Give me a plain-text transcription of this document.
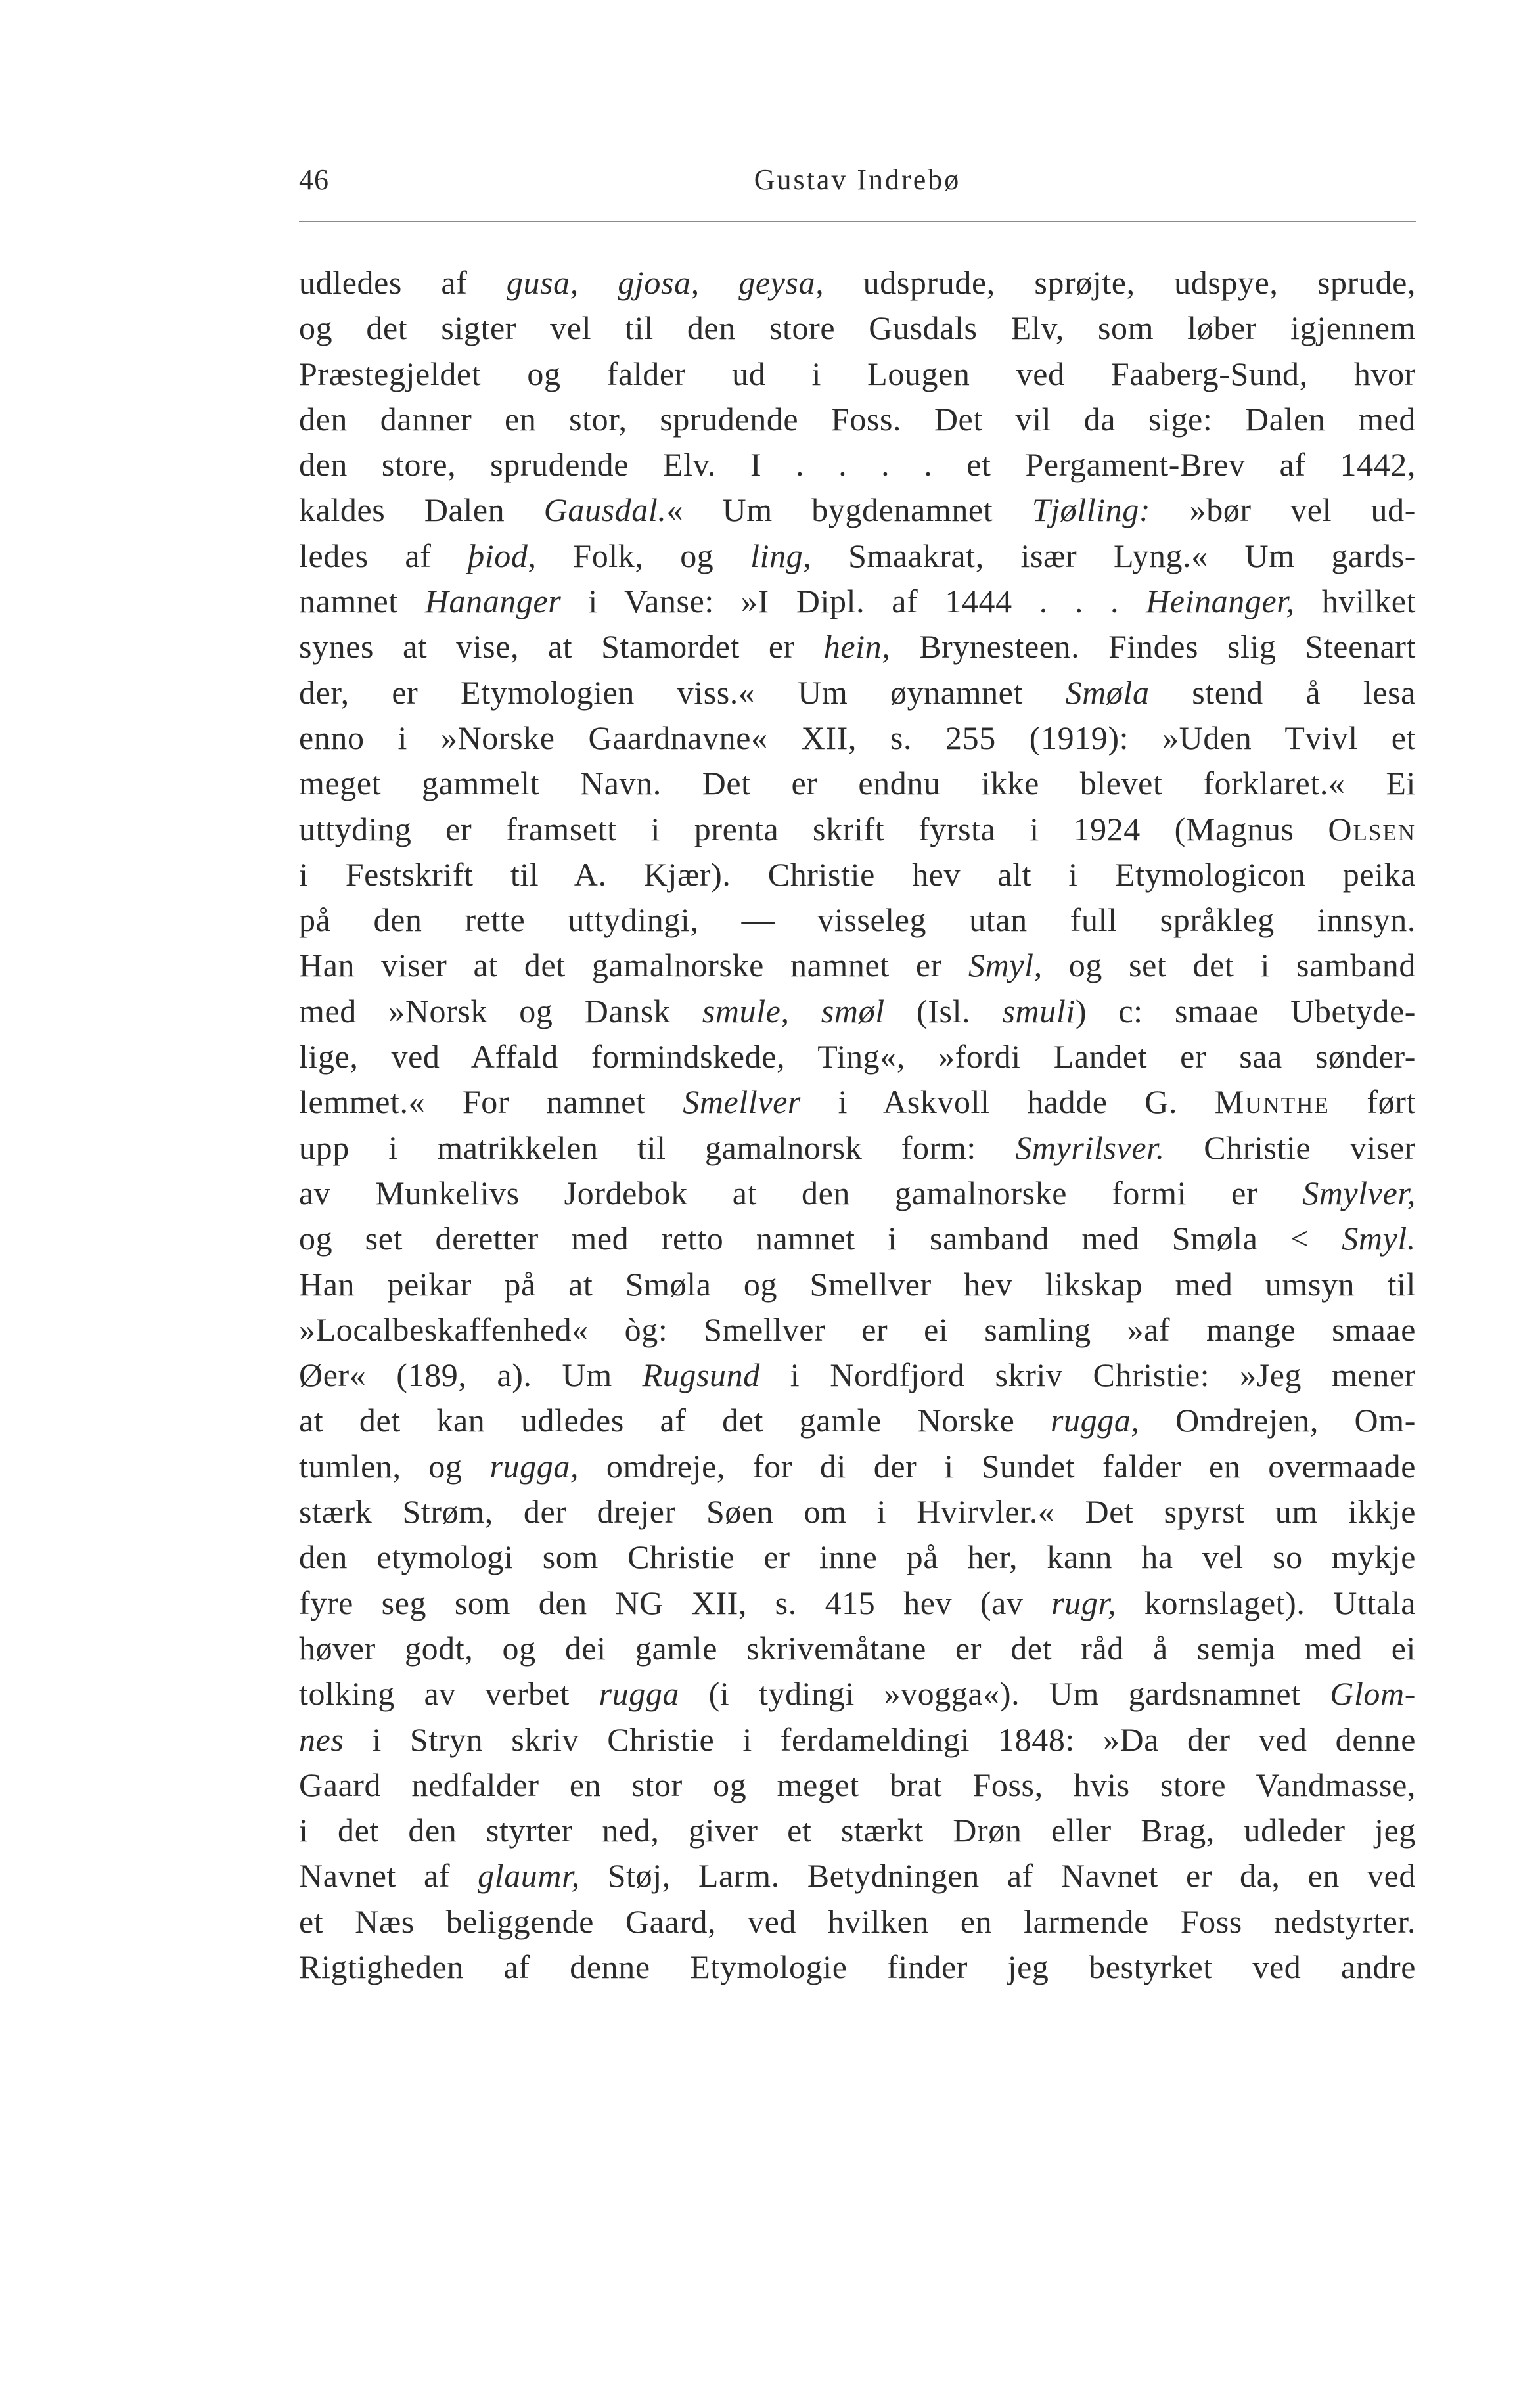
46	Gustav Indrebø
udledes af gusa, gjosa, geysa, udsprude, sprøjte, udspye, sprude,
og det sigter vel til den store Gusdals Elv, som løber igjennem
Præstegjeldet og falder ud i Lougen ved Faaberg-Sund, hvor
den danner en stor, sprudende Foss. Det vil da sige: Dalen med
den store, sprudende Elv. I . . . . et Pergament-Brev af 1442,
kaldes Dalen Gausdal.« Um bygdenamnet Tjølling: »bør vel ud-
ledes af þiod, Folk, og ling, Smaakrat, især Lyng.« Um gards-
namnet Hananger i Vanse: »I Dipl. af 1444 . . . Heinanger, hvilket
synes at vise, at Stamordet er hein, Brynesteen. Findes slig Steenart
der, er Etymologien viss.« Um øynamnet Smøla stend å lesa
enno i »Norske Gaardnavne« XII, s. 255 (1919): »Uden Tvivl et
meget gammelt Navn. Det er endnu ikke blevet forklaret.« Ei
uttyding er framsett i prenta skrift fyrsta i 1924 (Magnus Olsen
i Festskrift til A. Kjær). Christie hev alt i Etymologicon peika
på den rette uttydingi, — visseleg utan full språkleg innsyn.
Han viser at det gamalnorske namnet er Smyl, og set det i samband
med »Norsk og Dansk smule, smøl (Isl. smuli) c: smaae Ubetyde-
lige, ved Affald formindskede, Ting«, »fordi Landet er saa sønder-
lemmet.« For namnet Smellver i Askvoll hadde G. Munthe ført
upp i matrikkelen til gamalnorsk form: Smyrilsver. Christie viser
av Munkelivs Jordebok at den gamalnorske formi er Smylver,
og set deretter med retto namnet i samband med Smøla < Smyl.
Han peikar på at Smøla og Smellver hev likskap med umsyn til
»Localbeskaffenhed« òg: Smellver er ei samling »af mange smaae
Øer« (189, a). Um Rugsund i Nordfjord skriv Christie: »Jeg mener
at det kan udledes af det gamle Norske rugga, Omdrejen, Om-
tumlen, og rugga, omdreje, for di der i Sundet falder en overmaade
stærk Strøm, der drejer Søen om i Hvirvler.« Det spyrst um ikkje
den etymologi som Christie er inne på her, kann ha vel so mykje
fyre seg som den NG XII, s. 415 hev (av rugr, kornslaget). Uttala
høver godt, og dei gamle skrivemåtane er det råd å semja med ei
tolking av verbet rugga (i tydingi »vogga«). Um gardsnamnet Glom-
nes i Stryn skriv Christie i ferdameldingi 1848: »Da der ved denne
Gaard nedfalder en stor og meget brat Foss, hvis store Vandmasse,
i det den styrter ned, giver et stærkt Drøn eller Brag, udleder jeg
Navnet af glaumr, Støj, Larm. Betydningen af Navnet er da, en ved
et Næs beliggende Gaard, ved hvilken en larmende Foss nedstyrter.
Rigtigheden af denne Etymologie finder jeg bestyrket ved andre
